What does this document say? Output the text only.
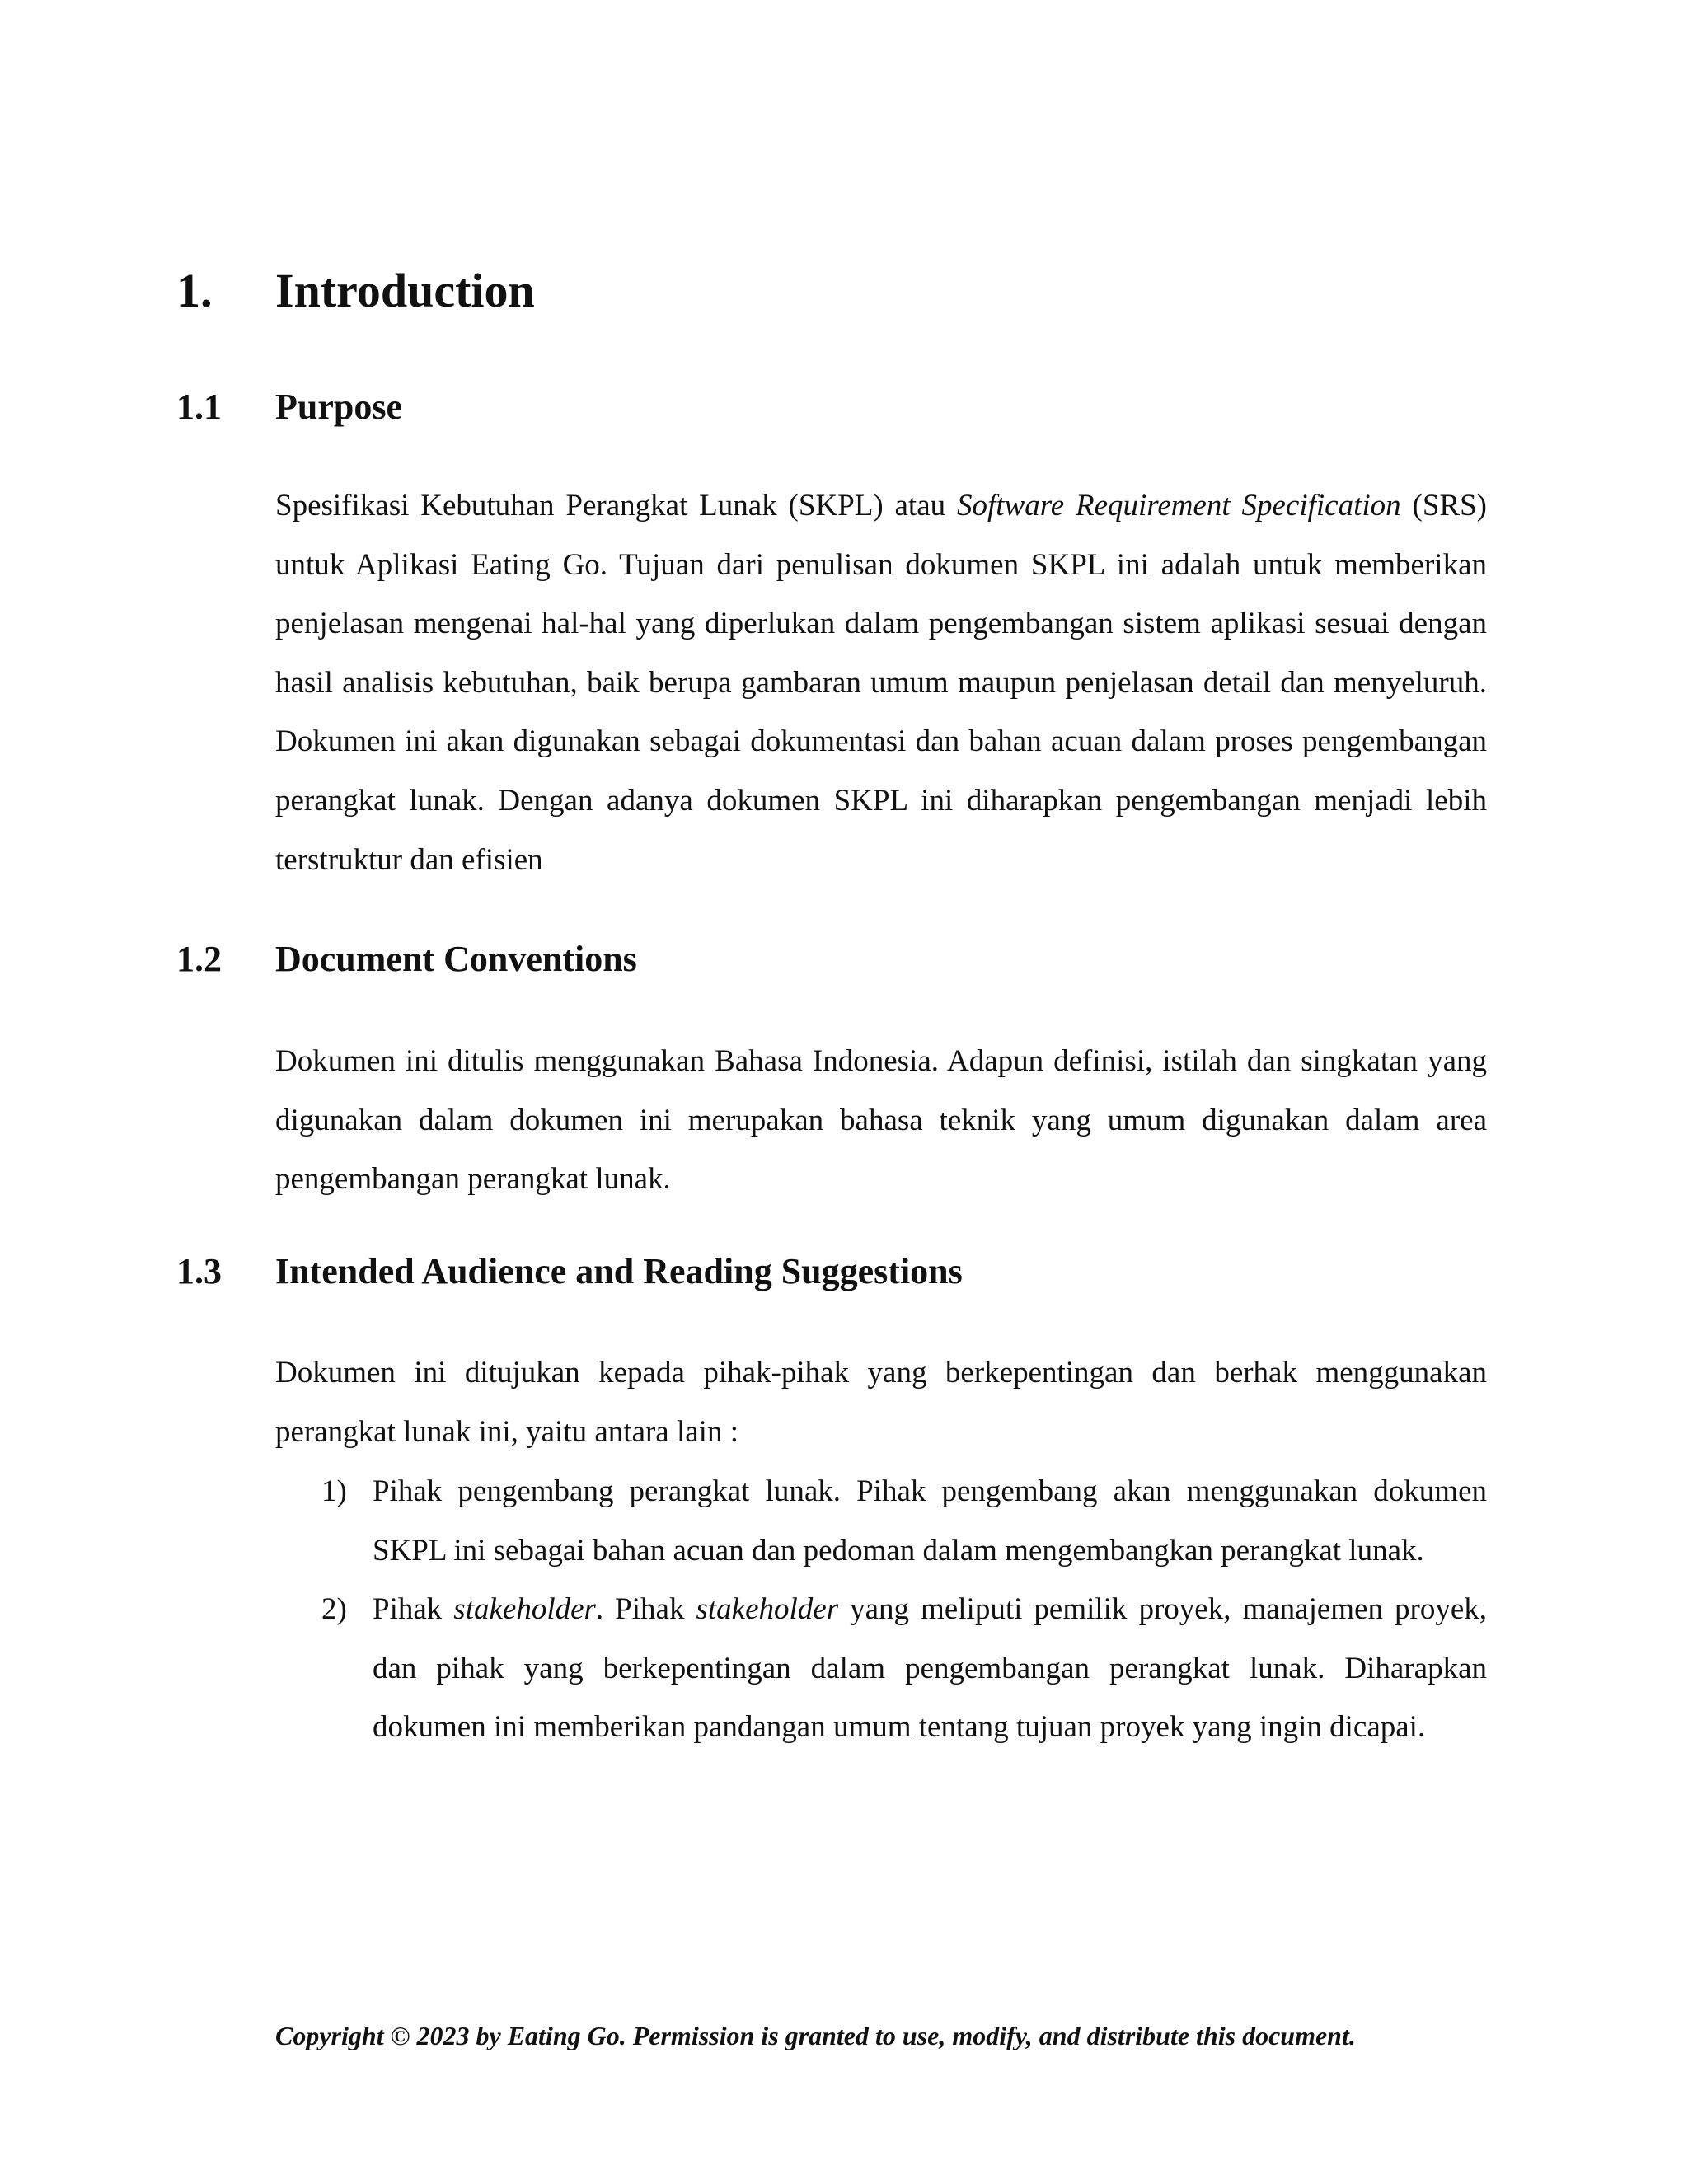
1. Introduction
1.1 Purpose
Spesifikasi Kebutuhan Perangkat Lunak (SKPL) atau Software Requirement Specification (SRS) untuk Aplikasi Eating Go. Tujuan dari penulisan dokumen SKPL ini adalah untuk memberikan penjelasan mengenai hal-hal yang diperlukan dalam pengembangan sistem aplikasi sesuai dengan hasil analisis kebutuhan, baik berupa gambaran umum maupun penjelasan detail dan menyeluruh. Dokumen ini akan digunakan sebagai dokumentasi dan bahan acuan dalam proses pengembangan perangkat lunak. Dengan adanya dokumen SKPL ini diharapkan pengembangan menjadi lebih terstruktur dan efisien
1.2 Document Conventions
Dokumen ini ditulis menggunakan Bahasa Indonesia. Adapun definisi, istilah dan singkatan yang digunakan dalam dokumen ini merupakan bahasa teknik yang umum digunakan dalam area pengembangan perangkat lunak.
1.3 Intended Audience and Reading Suggestions
Dokumen ini ditujukan kepada pihak-pihak yang berkepentingan dan berhak menggunakan perangkat lunak ini, yaitu antara lain :
1) Pihak pengembang perangkat lunak. Pihak pengembang akan menggunakan dokumen SKPL ini sebagai bahan acuan dan pedoman dalam mengembangkan perangkat lunak.
2) Pihak stakeholder. Pihak stakeholder yang meliputi pemilik proyek, manajemen proyek, dan pihak yang berkepentingan dalam pengembangan perangkat lunak. Diharapkan dokumen ini memberikan pandangan umum tentang tujuan proyek yang ingin dicapai.
Copyright © 2023 by Eating Go. Permission is granted to use, modify, and distribute this document.
